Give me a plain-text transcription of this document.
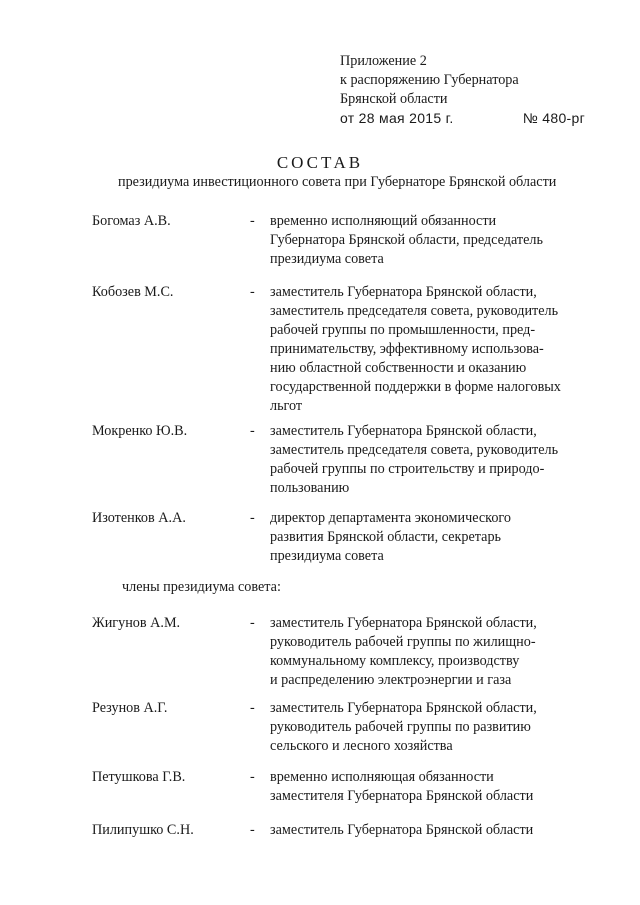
Приложение 2
к распоряжению Губернатора
Брянской области
от 28 мая 2015 г.	№ 480-рг
СОСТАВ
президиума инвестиционного совета при Губернаторе Брянской области
Богомаз А.В.	- временно исполняющий обязанности
Губернатора Брянской области, председатель
президиума совета
Кобозев М.С.	- заместитель Губернатора Брянской области,
заместитель председателя совета, руководитель
рабочей группы по промышленности, пред-
принимательству, эффективному использова-
нию областной собственности и оказанию
государственной поддержки в форме налоговых
льгот
Мокренко Ю.В.	- заместитель Губернатора Брянской области,
заместитель председателя совета, руководитель
рабочей группы по строительству и природо-
пользованию
Изотенков А.А.	- директор департамента экономического
развития Брянской области, секретарь
президиума совета
члены президиума совета:
Жигунов А.М.	- заместитель Губернатора Брянской области,
руководитель рабочей группы по жилищно-
коммунальному комплексу, производству
и распределению электроэнергии и газа
Резунов А.Г.	- заместитель Губернатора Брянской области,
руководитель рабочей группы по развитию
сельского и лесного хозяйства
Петушкова Г.В.	- временно исполняющая обязанности
заместителя Губернатора Брянской области
Пилипушко С.Н.	- заместитель Губернатора Брянской области
